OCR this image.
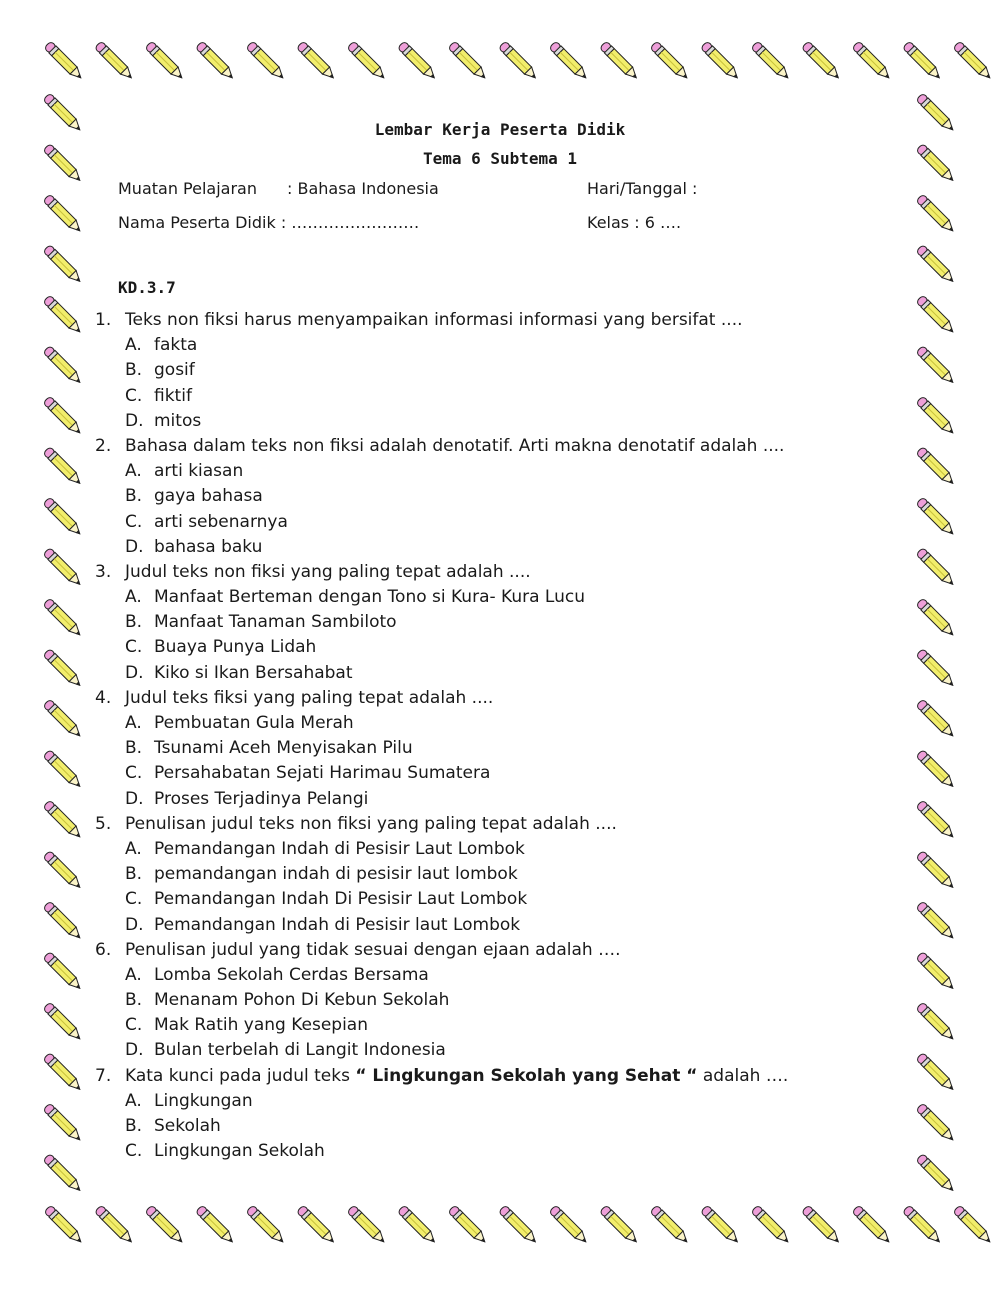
Lembar Kerja Peserta Didik
Tema 6 Subtema 1
Muatan Pelajaran : Bahasa Indonesia	Hari/Tanggal :
Nama Peserta Didik : ……………………	Kelas : 6 ….
KD.3.7
1. Teks non fiksi harus menyampaikan informasi informasi yang bersifat ....
A. fakta
B. gosif
C. fiktif
D. mitos
2. Bahasa dalam teks non fiksi adalah denotatif. Arti makna denotatif adalah ....
A. arti kiasan
B. gaya bahasa
C. arti sebenarnya
D. bahasa baku
3. Judul teks non fiksi yang paling tepat adalah ....
A. Manfaat Berteman dengan Tono si Kura- Kura Lucu
B. Manfaat Tanaman Sambiloto
C. Buaya Punya Lidah
D. Kiko si Ikan Bersahabat
4. Judul teks fiksi yang paling tepat adalah ....
A. Pembuatan Gula Merah
B. Tsunami Aceh Menyisakan Pilu
C. Persahabatan Sejati Harimau Sumatera
D. Proses Terjadinya Pelangi
5. Penulisan judul teks non fiksi yang paling tepat adalah ....
A. Pemandangan Indah di Pesisir Laut Lombok
B. pemandangan indah di pesisir laut lombok
C. Pemandangan Indah Di Pesisir Laut Lombok
D. Pemandangan Indah di Pesisir laut Lombok
6. Penulisan judul yang tidak sesuai dengan ejaan adalah ….
A. Lomba Sekolah Cerdas Bersama
B. Menanam Pohon Di Kebun Sekolah
C. Mak Ratih yang Kesepian
D. Bulan terbelah di Langit Indonesia
7. Kata kunci pada judul teks “ Lingkungan Sekolah yang Sehat “ adalah ….
A. Lingkungan
B. Sekolah
C. Lingkungan Sekolah
